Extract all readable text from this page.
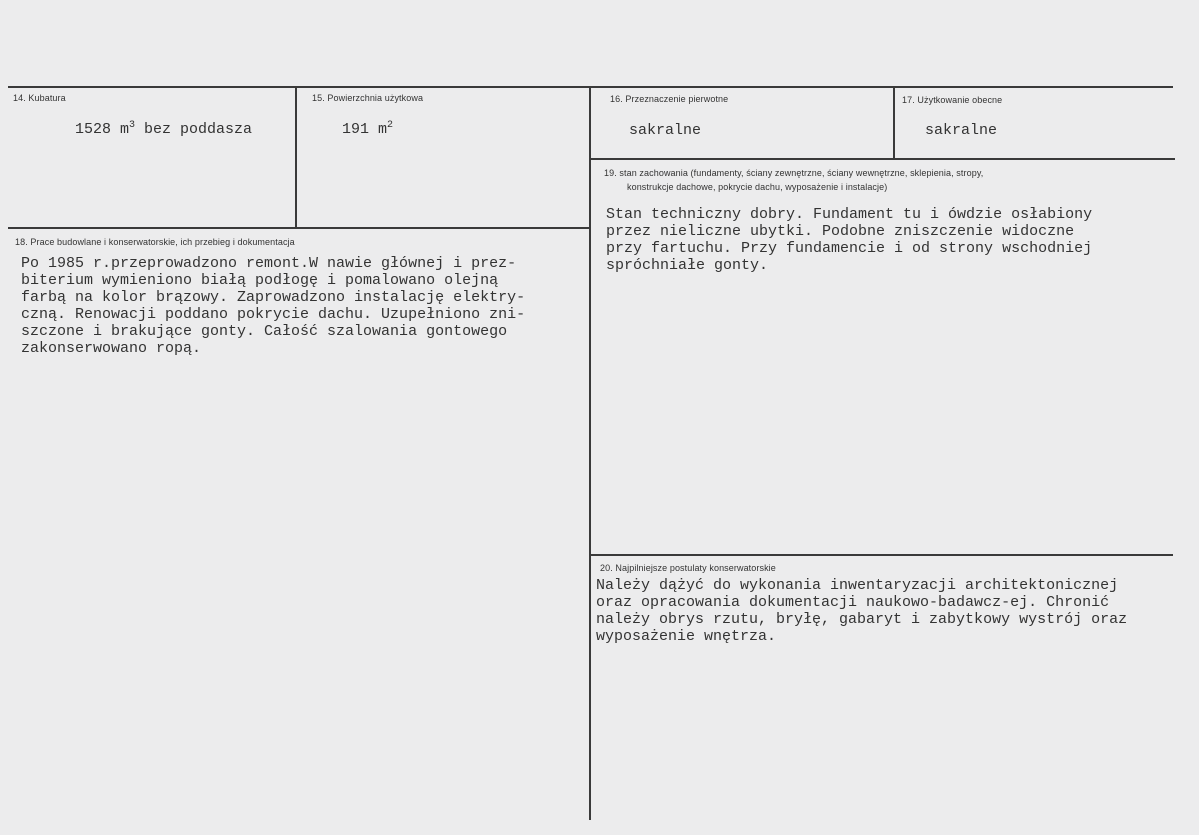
14. Kubatura
1528 $m^3$ bez poddasza
15. Powierzchnia użytkowa
191 $m^2$
16. Przeznaczenie pierwotne
sakralne
17. Użytkowanie obecne
sakralne
19. stan zachowania (fundamenty, ściany zewnętrzne, ściany wewnętrzne, sklepienia, stropy,
konstrukcje dachowe, pokrycie dachu, wyposażenie i instalacje)
Stan techniczny dobry. Fundament tu i ówdzie osłabiony
przez nieliczne ubytki. Podobne zniszczenie widoczne
przy fartuchu. Przy fundamencie i od strony wschodniej
spróchniałe gonty.
18. Prace budowlane i konserwatorskie, ich przebieg i dokumentacja
Po 1985 r.przeprowadzono remont.W nawie głównej i prez-
biterium wymieniono białą podłogę i pomalowano olejną
farbą na kolor brązowy. Zaprowadzono instalację elektry-
czną. Renowacji poddano pokrycie dachu. Uzupełniono zni-
szczone i brakujące gonty. Całość szalowania gontowego
zakonserwowano ropą.
20. Najpilniejsze postulaty konserwatorskie
Należy dążyć do wykonania inwentaryzacji architektonicznej
oraz opracowania dokumentacji naukowo-badawcz-ej. Chronić
należy obrys rzutu, bryłę, gabaryt i zabytkowy wystrój oraz
wyposażenie wnętrza.
